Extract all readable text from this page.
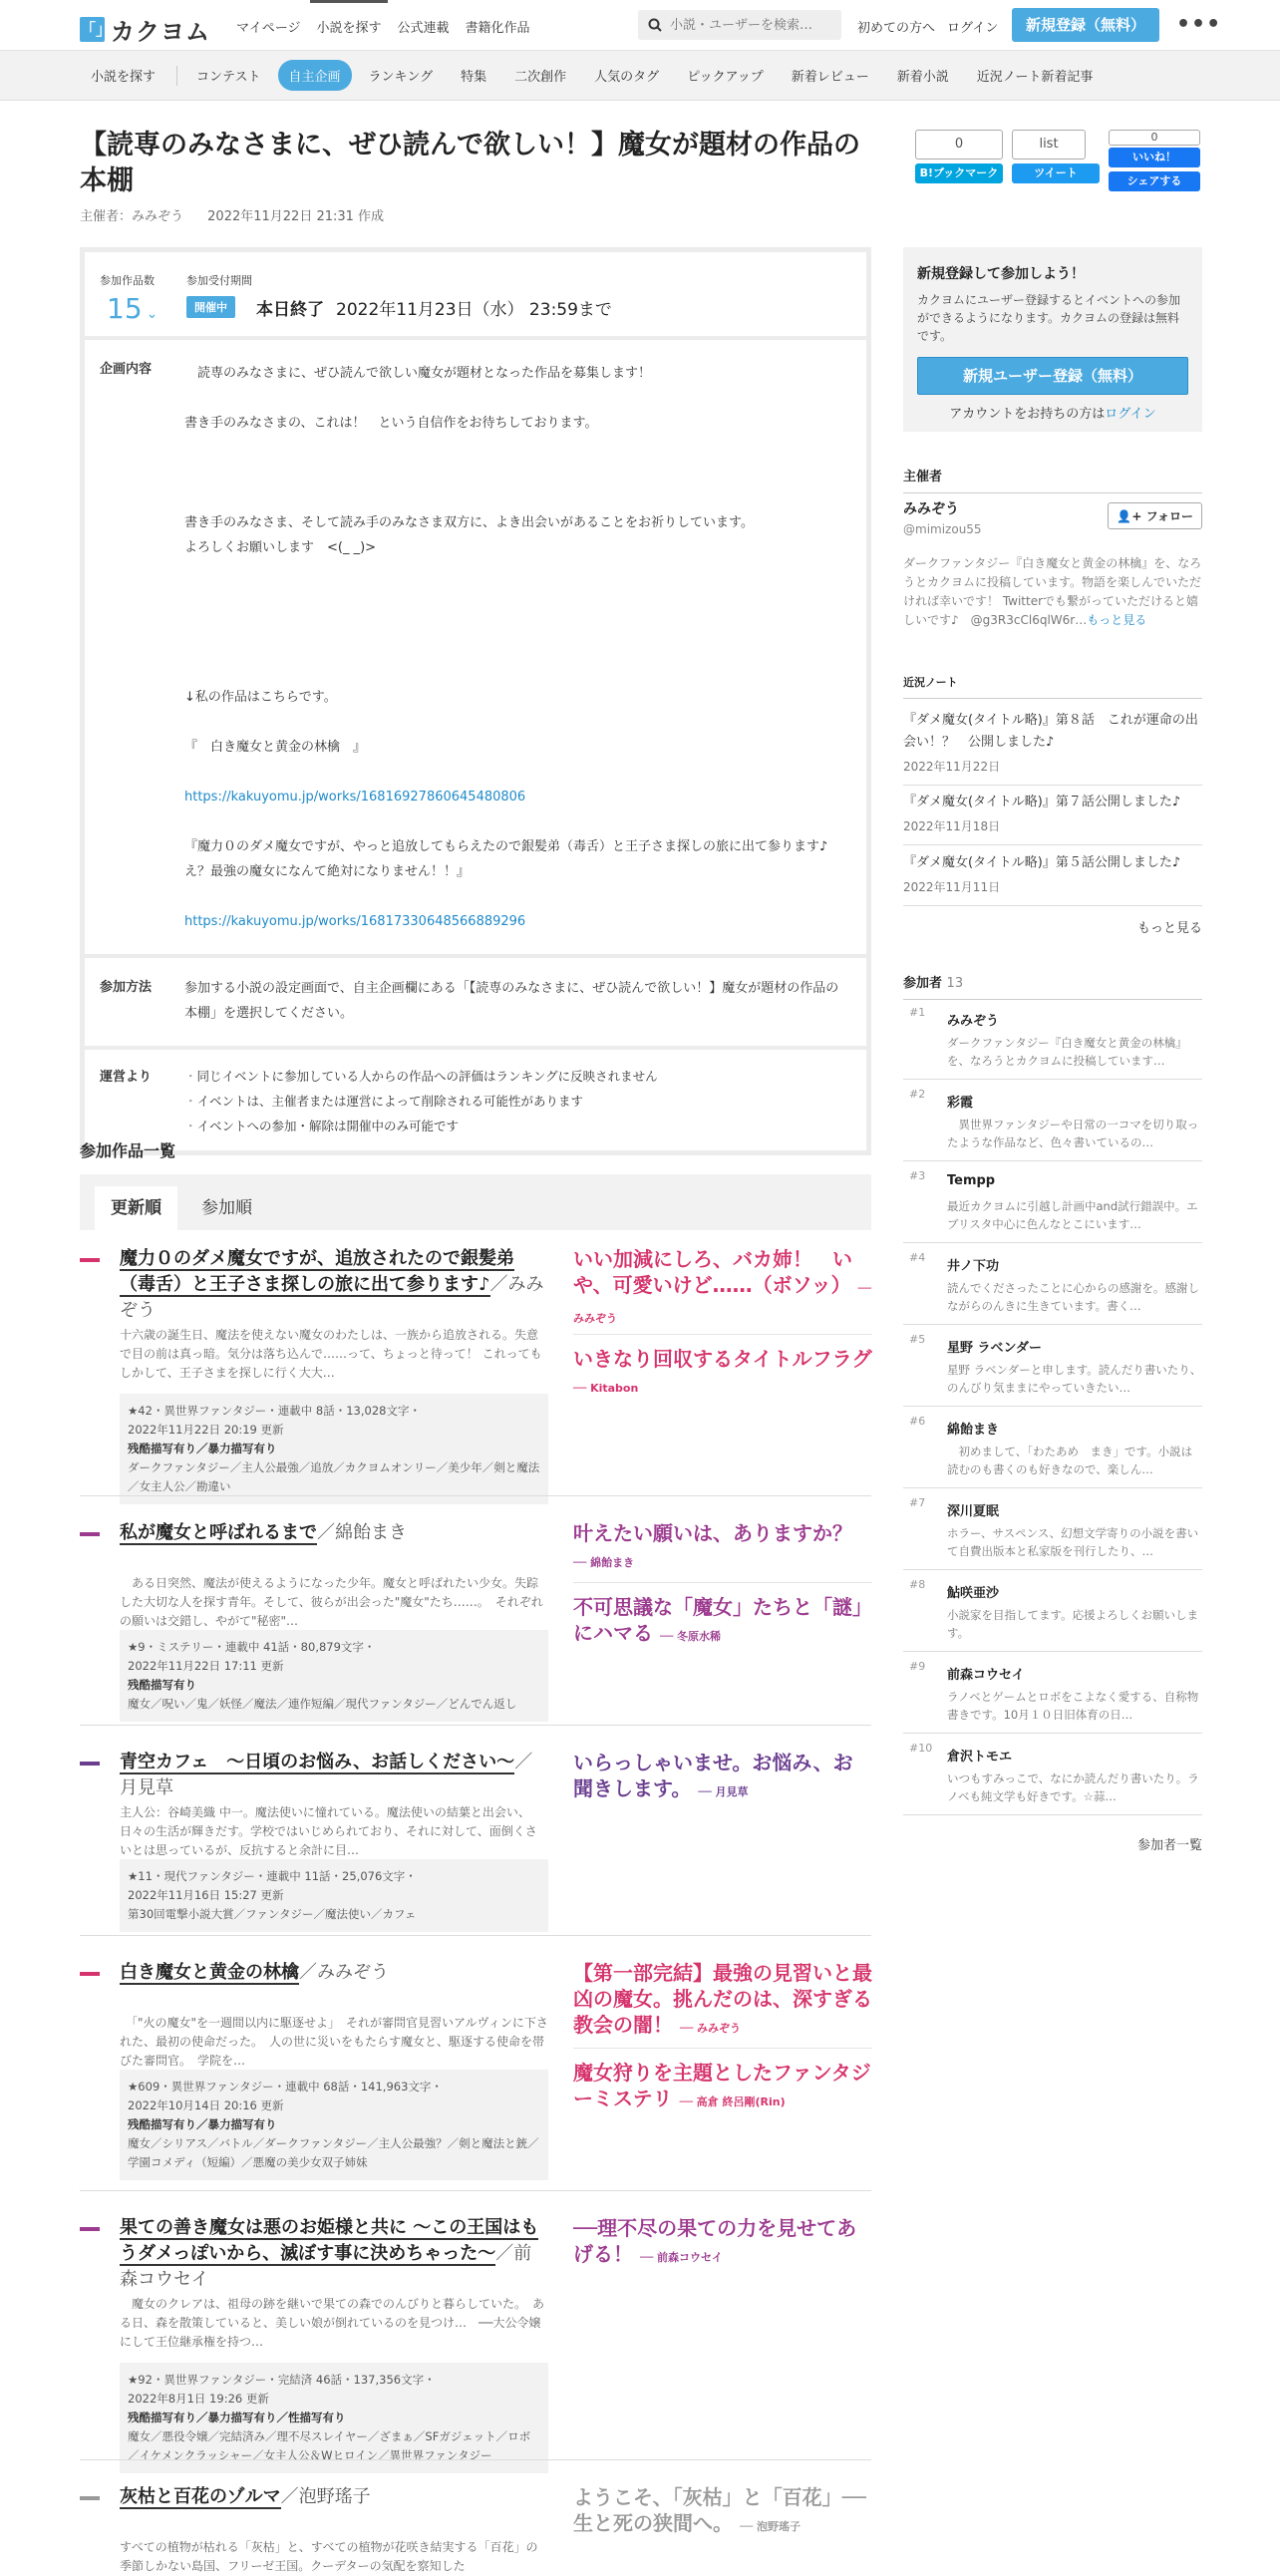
「」
カクヨム	マイページ	小説を探す	公式連載	書籍化作品
小説・ユーザーを検索…	初めての方へ ログイン	新規登録（無料）	•••
小説を探す	コンテスト	自主企画	ランキング	特集	二次創作	人気のタグ	ピックアップ	新着レビュー	新着小説	近況ノート新着記事
【読専のみなさまに、ぜひ読んで欲しい！】魔女が題材の作品の本棚
主催者：みみぞう 2022年11月22日 21:31 作成
0
B!ブックマーク
list
ツイート
0
いいね！
シェアする
参加作品数
15 ⌄
参加受付期間
開催中	本日終了 2022年11月23日（水） 23:59まで
企画内容	　読専のみなさまに、ぜひ読んで欲しい魔女が題材となった作品を募集します！

書き手のみなさまの、これは！　という自信作をお待ちしております。

書き手のみなさま、そして読み手のみなさま双方に、よき出会いがあることをお祈りしています。

よろしくお願いします　<(_ _)>

↓私の作品はこちらです。

『　白き魔女と黄金の林檎　』

https://kakuyomu.jp/works/16816927860645480806

『魔力０のダメ魔女ですが、やっと追放してもらえたので銀髪弟（毒舌）と王子さま探しの旅に出て参ります♪　え？最強の魔女になんて絶対になりません！！』

https://kakuyomu.jp/works/16817330648566889296
参加方法	参加する小説の設定画面で、自主企画欄にある「【読専のみなさまに、ぜひ読んで欲しい！】魔女が題材の作品の本棚」を選択してください。
運営より
・	同じイベントに参加している人からの作品への評価はランキングに反映されません
・ イベントは、主催者または運営によって削除される可能性があります
・ イベントへの参加・解除は開催中のみ可能です
参加作品一覧
更新順	参加順
魔力０のダメ魔女ですが、追放されたので銀髪弟（毒舌）と王子さま探しの旅に出て参ります♪／みみぞう
十六歳の誕生日、魔法を使えない魔女のわたしは、一族から追放される。失意で目の前は真っ暗。気分は落ち込んで……って、ちょっと待って！ これってもしかして、王子さまを探しに行く大大…
★42・異世界ファンタジー・連載中 8話・13,028文字・
2022年11月22日 20:19 更新
残酷描写有り／暴力描写有り
ダークファンタジー／主人公最強／追放／カクヨムオンリー／美少年／剣と魔法／女主人公／勘違い
いい加減にしろ、バカ姉！　いや、可愛いけど……（ボソッ） ── みみぞう
いきなり回収するタイトルフラグ ── Kitabon
私が魔女と呼ばれるまで／綿飴まき
　ある日突然、魔法が使えるようになった少年。魔女と呼ばれたい少女。失踪した大切な人を探す青年。そして、彼らが出会った"魔女"たち……。　それぞれの願いは交錯し、やがて"秘密"…
★9・ミステリー・連載中 41話・80,879文字・
2022年11月22日 17:11 更新
残酷描写有り
魔女／呪い／鬼／妖怪／魔法／連作短編／現代ファンタジー／どんでん返し
叶えたい願いは、ありますか？ ── 綿飴まき
不可思議な「魔女」たちと「謎」にハマる ── 冬原水稀
青空カフェ　～日頃のお悩み、お話しください～／月見草
主人公：谷崎美織 中一。魔法使いに憧れている。魔法使いの結葉と出会い、日々の生活が輝きだす。学校ではいじめられており、それに対して、面倒くさいとは思っているが、反抗すると余計に目…
★11・現代ファンタジー・連載中 11話・25,076文字・
2022年11月16日 15:27 更新
第30回電撃小説大賞／ファンタジー／魔法使い／カフェ
いらっしゃいませ。お悩み、お聞きします。 ── 月見草
白き魔女と黄金の林檎／みみぞう
　「"火の魔女"を一週間以内に駆逐せよ」　それが審問官見習いアルヴィンに下された、最初の使命だった。　人の世に災いをもたらす魔女と、駆逐する使命を帯びた審問官。　学院を…
★609・異世界ファンタジー・連載中 68話・141,963文字・
2022年10月14日 20:16 更新
残酷描写有り／暴力描写有り
魔女／シリアス／バトル／ダークファンタジー／主人公最強？／剣と魔法と銃／学園コメディ（短編）／悪魔の美少女双子姉妹
【第一部完結】最強の見習いと最凶の魔女。挑んだのは、深すぎる教会の闇！ ── みみぞう
魔女狩りを主題としたファンタジーミステリ ── 高倉 終呂剛(Rin)
果ての善き魔女は悪のお姫様と共に ～この王国はもうダメっぽいから、滅ぼす事に決めちゃった～／前森コウセイ
　魔女のクレアは、祖母の跡を継いで果ての森でのんびりと暮らしていた。　ある日、森を散策していると、美しい娘が倒れているのを見つけ…　──大公令嬢にして王位継承権を持つ…
★92・異世界ファンタジー・完結済 46話・137,356文字・
2022年8月1日 19:26 更新
残酷描写有り／暴力描写有り／性描写有り
魔女／悪役令嬢／完結済み／理不尽スレイヤー／ざまぁ／SFガジェット／ロボ／イケメンクラッシャー／女主人公＆Wヒロイン／異世界ファンタジー
──理不尽の果ての力を見せてあげる！ ── 前森コウセイ
灰枯と百花のゾルマ／泡野瑤子
すべての植物が枯れる「灰枯」と、すべての植物が花咲き結実する「百花」の季節しかない島国、フリーゼ王国。クーデターの気配を察知した
ようこそ、「灰枯」と「百花」──生と死の狭間へ。 ── 泡野瑤子
新規登録して参加しよう！

カクヨムにユーザー登録するとイベントへの参加ができるようになります。カクヨムの登録は無料です。

新規ユーザー登録（無料）
アカウントをお持ちの方はログイン
主催者
みみぞう
@mimizou55
👤+ フォロー
ダークファンタジー『白き魔女と黄金の林檎』を、なろうとカクヨムに投稿しています。物語を楽しんでいただければ幸いです！ Twitterでも繋がっていただけると嬉しいです♪　@g3R3cCl6qlW6r…もっと見る
近況ノート
『ダメ魔女(タイトル略)』第８話　これが運命の出会い！？　公開しました♪
2022年11月22日
『ダメ魔女(タイトル略)』第７話公開しました♪
2022年11月18日
『ダメ魔女(タイトル略)』第５話公開しました♪
2022年11月11日
もっと見る
参加者 13
#1
みみぞう
ダークファンタジー『白き魔女と黄金の林檎』を、なろうとカクヨムに投稿しています…
#2
彩霞
　異世界ファンタジーや日常の一コマを切り取ったような作品など、色々書いているの…
#3 Tempp
最近カクヨムに引越し計画中and試行錯誤中。エブリスタ中心に色んなとこにいます…
#4
井ノ下功
読んでくださったことに心からの感謝を。感謝しながらのんきに生きています。書く…
#5
星野 ラベンダー
星野 ラベンダーと申します。読んだり書いたり、のんびり気ままにやっていきたい…
#6
綿飴まき
　初めまして、「わたあめ　まき」です。小説は読むのも書くのも好きなので、楽しん…
#7
深川夏眠
ホラー、サスペンス、幻想文学寄りの小説を書いて自費出版本と私家版を刊行したり、…
#8
鮎咲亜沙
小説家を目指してます。応援よろしくお願いします。
#9
前森コウセイ
ラノベとゲームとロボをこよなく愛する、自称物書きです。10月１０日旧体育の日…
#10
倉沢トモエ
いつもすみっこで、なにか読んだり書いたり。ラノベも純文学も好きです。☆蒜…
参加者一覧
